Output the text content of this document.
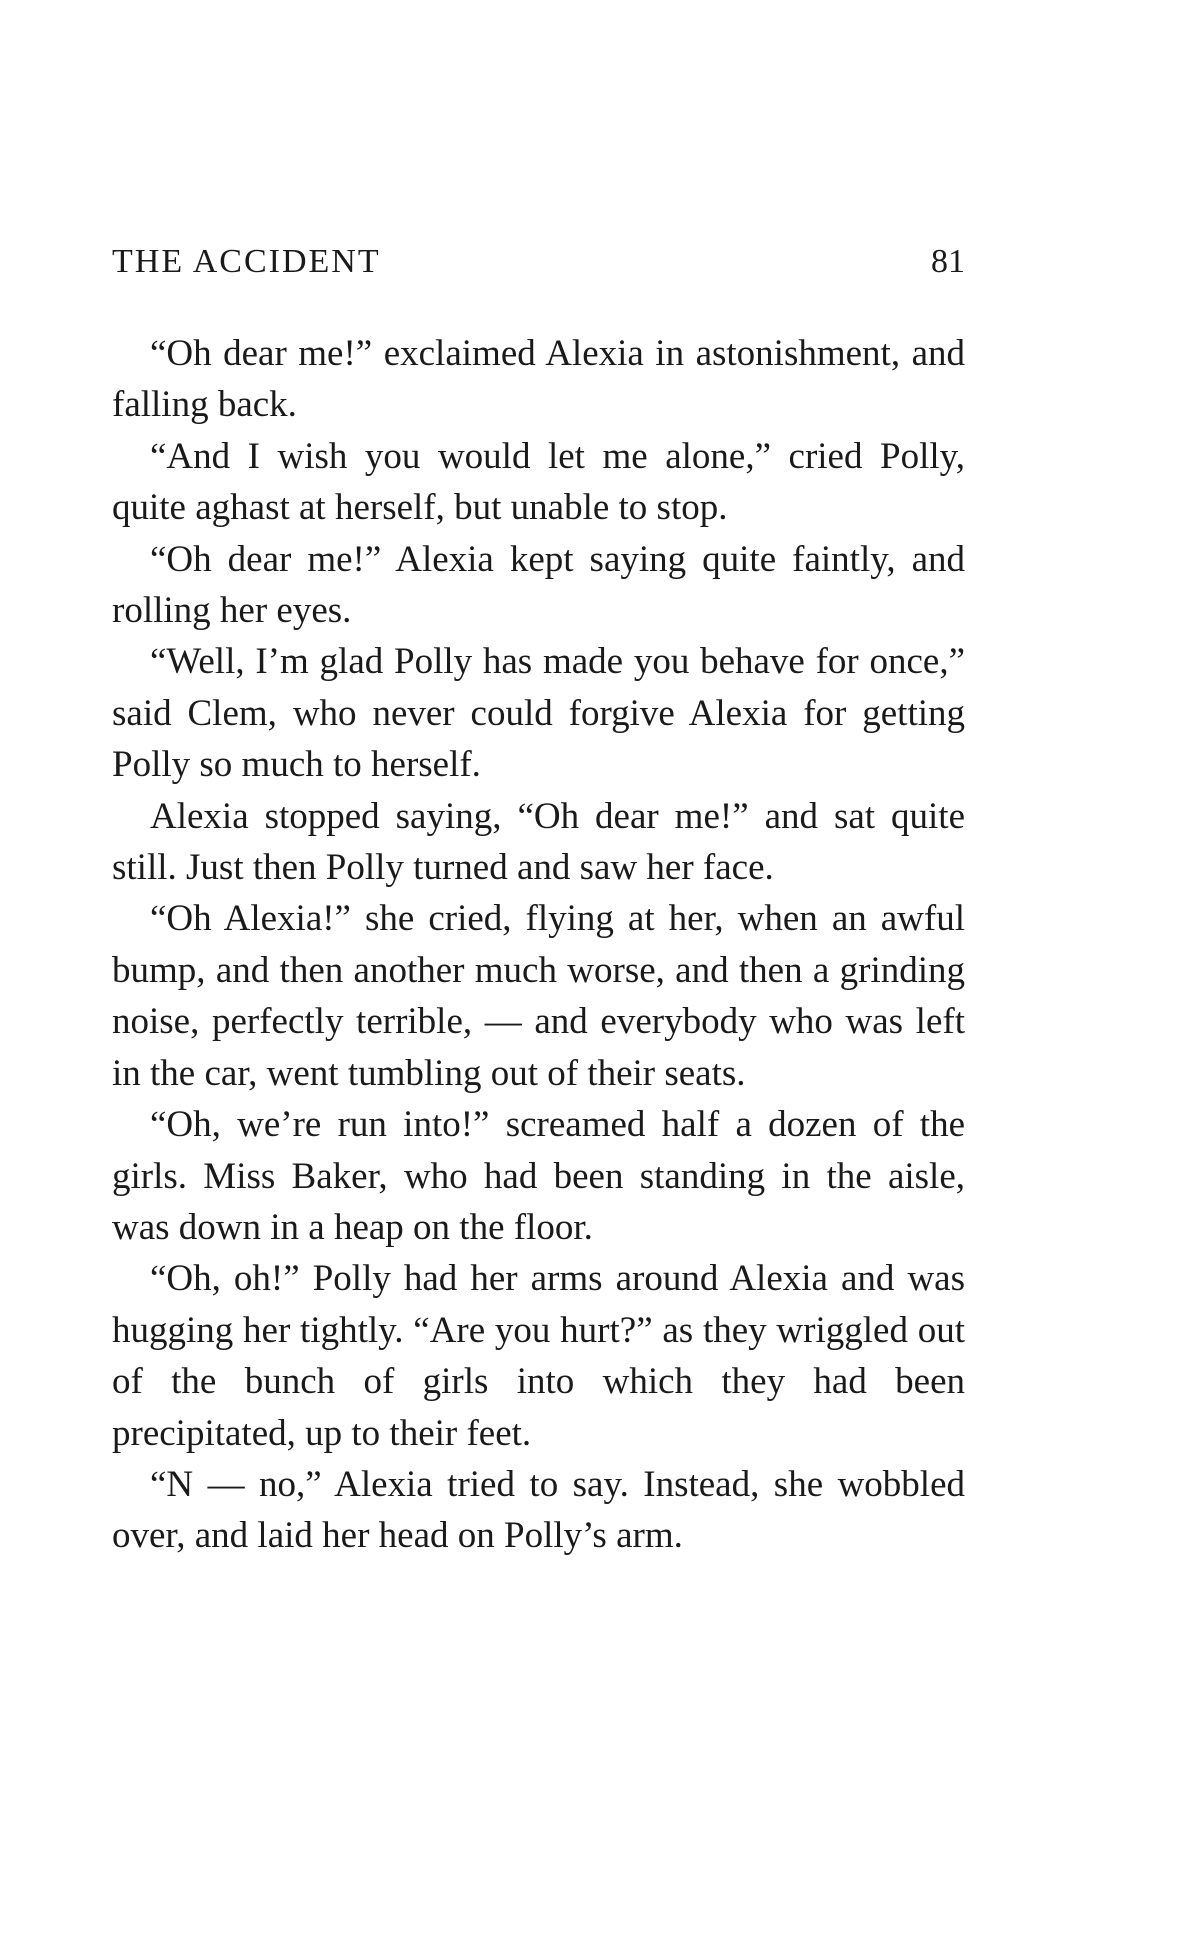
THE ACCIDENT	81

“Oh dear me!” exclaimed Alexia in astonishment, and falling back.

“And I wish you would let me alone,” cried Polly, quite aghast at herself, but unable to stop.

“Oh dear me!” Alexia kept saying quite faintly, and rolling her eyes.

“Well, I’m glad Polly has made you behave for once,” said Clem, who never could forgive Alexia for getting Polly so much to herself.

Alexia stopped saying, “Oh dear me!” and sat quite still. Just then Polly turned and saw her face.

“Oh Alexia!” she cried, flying at her, when an awful bump, and then another much worse, and then a grinding noise, perfectly terrible, — and everybody who was left in the car, went tumbling out of their seats.

“Oh, we’re run into!” screamed half a dozen of the girls. Miss Baker, who had been standing in the aisle, was down in a heap on the floor.

“Oh, oh!” Polly had her arms around Alexia and was hugging her tightly. “Are you hurt?” as they wriggled out of the bunch of girls into which they had been precipitated, up to their feet.

“N — no,” Alexia tried to say. Instead, she wobbled over, and laid her head on Polly’s arm.
